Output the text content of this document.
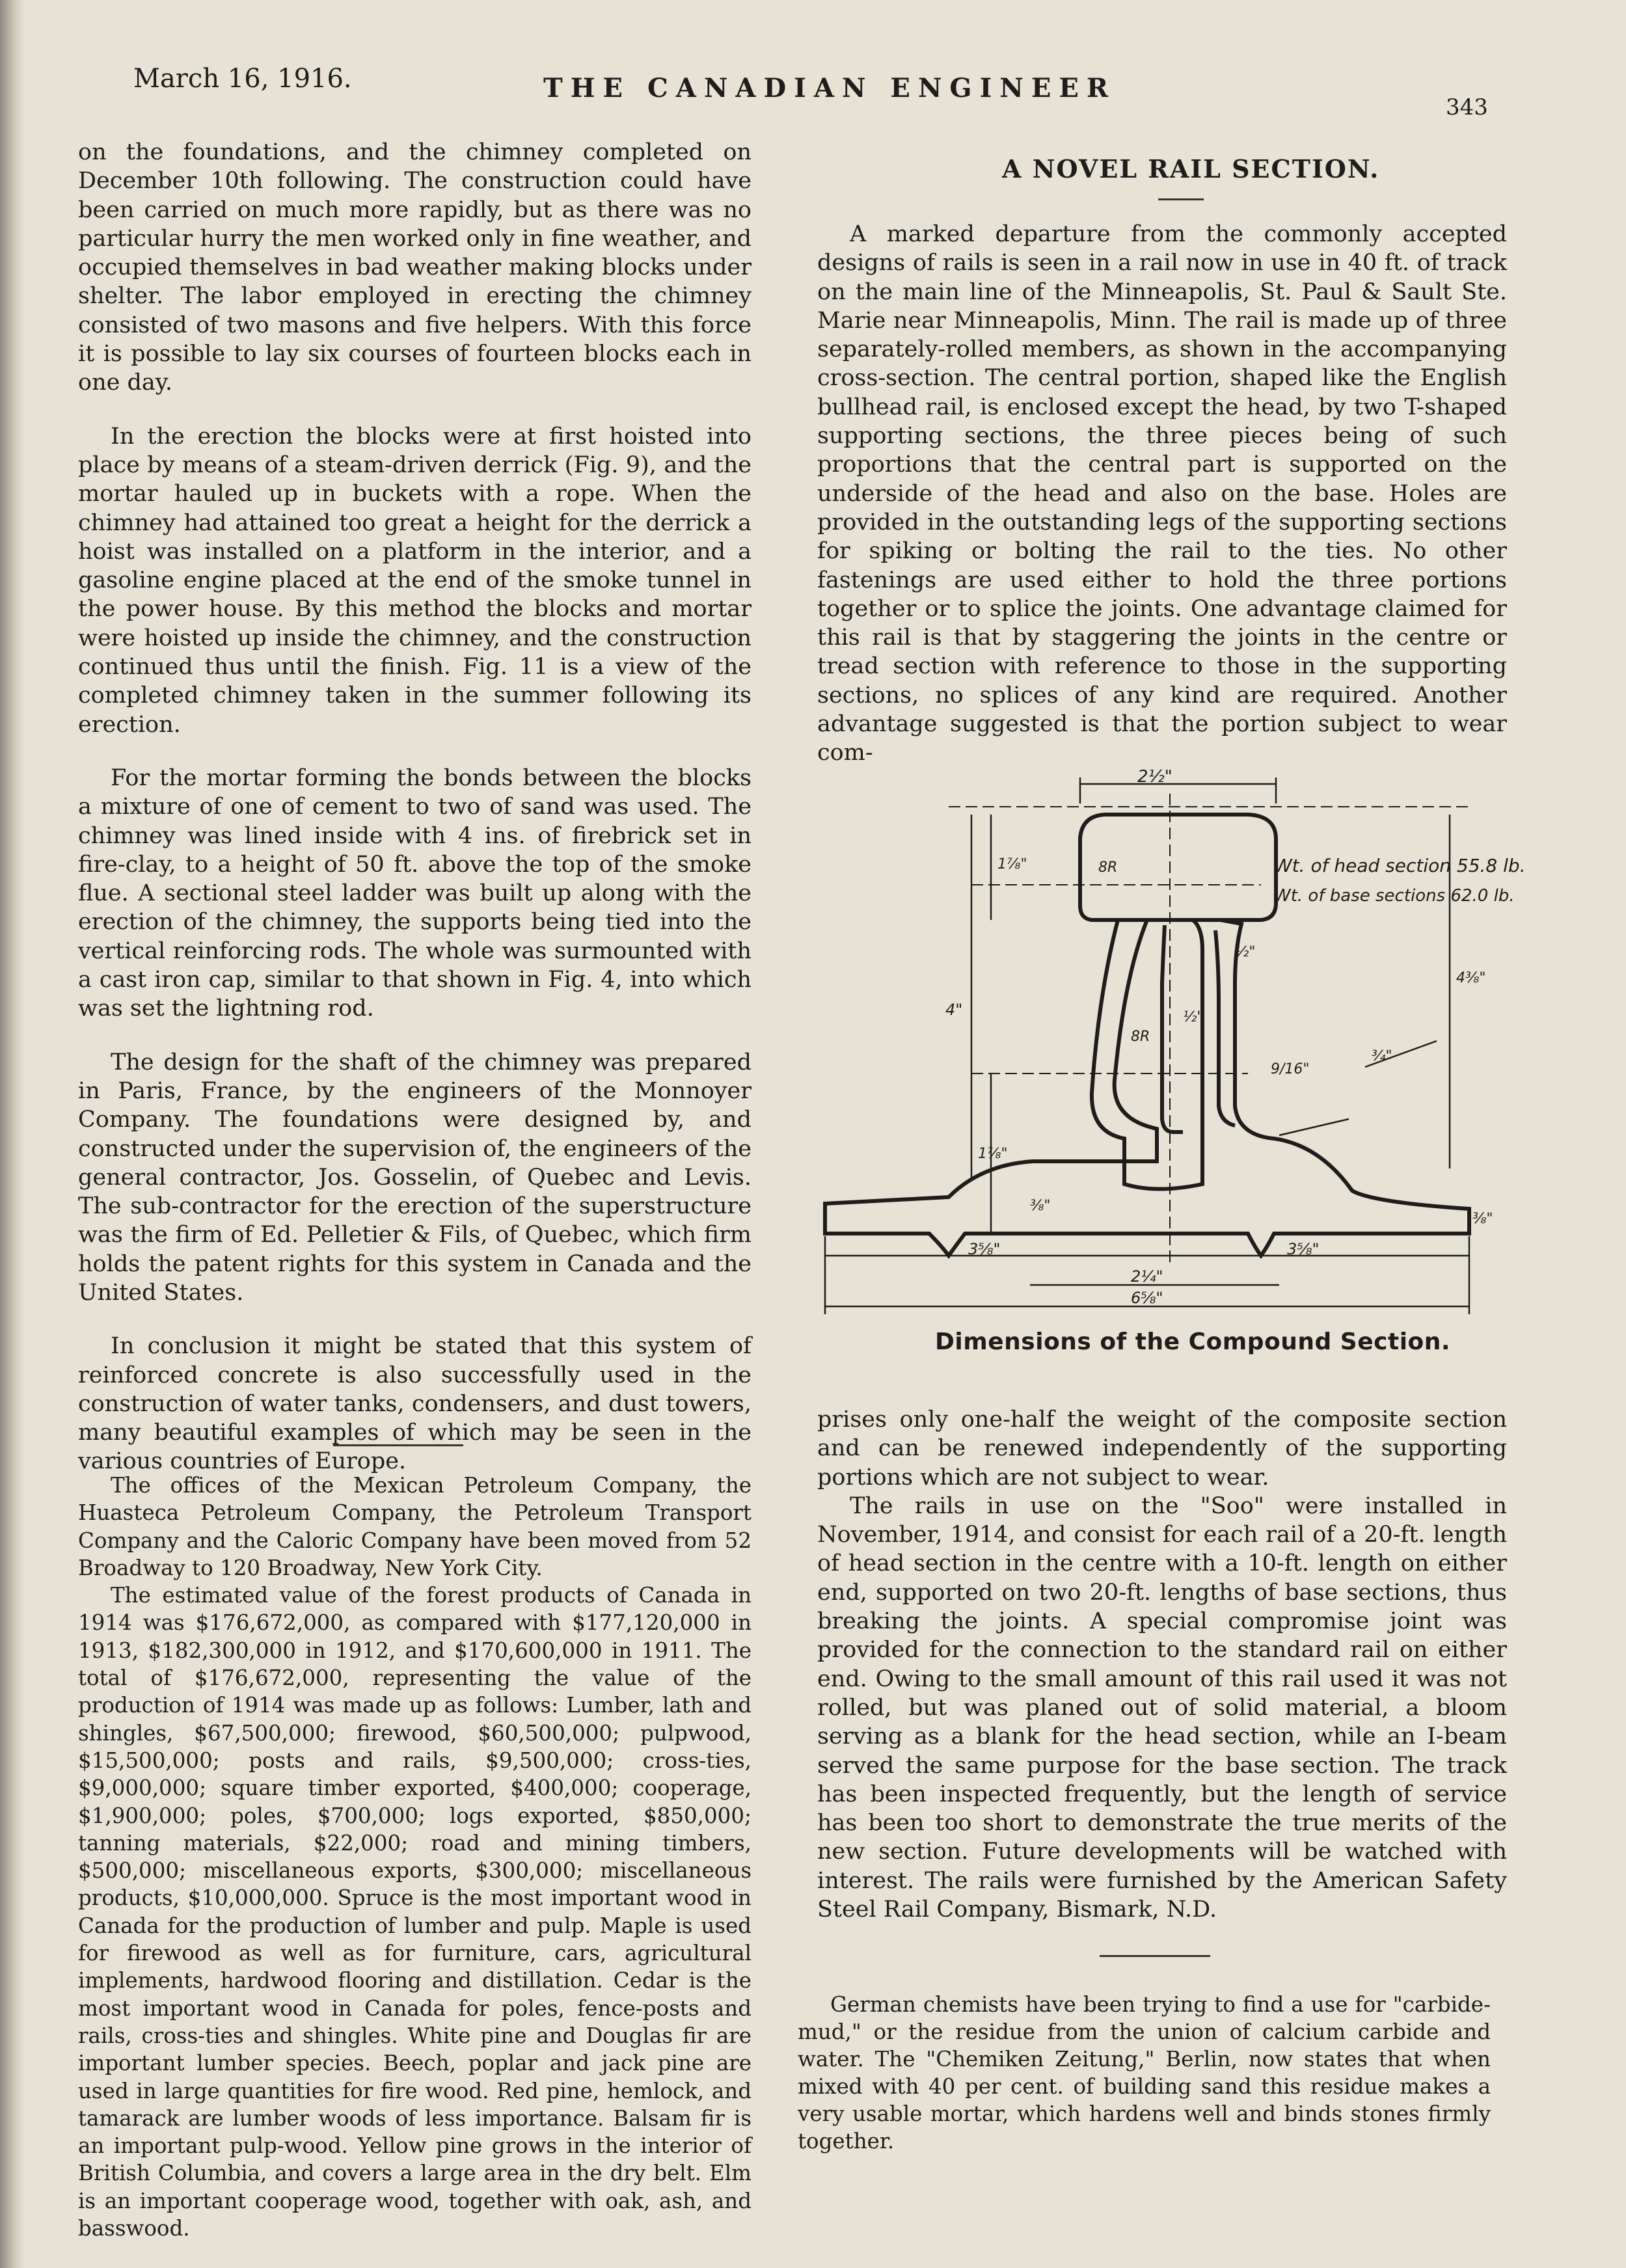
March 16, 1916.	THE CANADIAN ENGINEER
343

on the foundations, and the chimney completed on December 10th following. The construction could have been carried on much more rapidly, but as there was no particular hurry the men worked only in fine weather, and occupied themselves in bad weather making blocks under shelter. The labor employed in erecting the chimney consisted of two masons and five helpers. With this force it is possible to lay six courses of fourteen blocks each in one day.

In the erection the blocks were at first hoisted into place by means of a steam-driven derrick (Fig. 9), and the mortar hauled up in buckets with a rope. When the chimney had attained too great a height for the derrick a hoist was installed on a platform in the interior, and a gasoline engine placed at the end of the smoke tunnel in the power house. By this method the blocks and mortar were hoisted up inside the chimney, and the construction continued thus until the finish. Fig. 11 is a view of the completed chimney taken in the summer following its erection.

For the mortar forming the bonds between the blocks a mixture of one of cement to two of sand was used. The chimney was lined inside with 4 ins. of firebrick set in fire-clay, to a height of 50 ft. above the top of the smoke flue. A sectional steel ladder was built up along with the erection of the chimney, the supports being tied into the vertical reinforcing rods. The whole was surmounted with a cast iron cap, similar to that shown in Fig. 4, into which was set the lightning rod.

The design for the shaft of the chimney was prepared in Paris, France, by the engineers of the Monnoyer Company. The foundations were designed by, and constructed under the supervision of, the engineers of the general contractor, Jos. Gosselin, of Quebec and Levis. The sub-contractor for the erection of the superstructure was the firm of Ed. Pelletier & Fils, of Quebec, which firm holds the patent rights for this system in Canada and the United States.

In conclusion it might be stated that this system of reinforced concrete is also successfully used in the construction of water tanks, condensers, and dust towers, many beautiful examples of which may be seen in the various countries of Europe.

The offices of the Mexican Petroleum Company, the Huasteca Petroleum Company, the Petroleum Transport Company and the Caloric Company have been moved from 52 Broadway to 120 Broadway, New York City.

The estimated value of the forest products of Canada in 1914 was $176,672,000, as compared with $177,120,000 in 1913, $182,300,000 in 1912, and $170,600,000 in 1911. The total of $176,672,000, representing the value of the production of 1914 was made up as follows: Lumber, lath and shingles, $67,500,000; firewood, $60,500,000; pulpwood, $15,500,000; posts and rails, $9,500,000; cross-ties, $9,000,000; square timber exported, $400,000; cooperage, $1,900,000; poles, $700,000; logs exported, $850,000; tanning materials, $22,000; road and mining timbers, $500,000; miscellaneous exports, $300,000; miscellaneous products, $10,000,000. Spruce is the most important wood in Canada for the production of lumber and pulp. Maple is used for firewood as well as for furniture, cars, agricultural implements, hardwood flooring and distillation. Cedar is the most important wood in Canada for poles, fence-posts and rails, cross-ties and shingles. White pine and Douglas fir are important lumber species. Beech, poplar and jack pine are used in large quantities for fire wood. Red pine, hemlock, and tamarack are lumber woods of less importance. Balsam fir is an important pulp-wood. Yellow pine grows in the interior of British Columbia, and covers a large area in the dry belt. Elm is an important cooperage wood, together with oak, ash, and basswood.

A NOVEL RAIL SECTION.

A marked departure from the commonly accepted designs of rails is seen in a rail now in use in 40 ft. of track on the main line of the Minneapolis, St. Paul & Sault Ste. Marie near Minneapolis, Minn. The rail is made up of three separately-rolled members, as shown in the accompanying cross-section. The central portion, shaped like the English bullhead rail, is enclosed except the head, by two T-shaped supporting sections, the three pieces being of such proportions that the central part is supported on the underside of the head and also on the base. Holes are provided in the outstanding legs of the supporting sections for spiking or bolting the rail to the ties. No other fastenings are used either to hold the three portions together or to splice the joints. One advantage claimed for this rail is that by staggering the joints in the centre or tread section with reference to those in the supporting sections, no splices of any kind are required. Another advantage suggested is that the portion subject to wear com-

Wt. of head section 55.8 lb.
Wt. of base sections 62.0 lb.
2½"
1⅞"	8R
½"
4"
1⅞"
8R
½"
9/16"
¾"
4⅜"
⅜"
⅜"
3⅝"	3⅝"
2¼"
6⅝"
Dimensions of the Compound Section.

prises only one-half the weight of the composite section and can be renewed independently of the supporting portions which are not subject to wear.

The rails in use on the "Soo" were installed in November, 1914, and consist for each rail of a 20-ft. length of head section in the centre with a 10-ft. length on either end, supported on two 20-ft. lengths of base sections, thus breaking the joints. A special compromise joint was provided for the connection to the standard rail on either end. Owing to the small amount of this rail used it was not rolled, but was planed out of solid material, a bloom serving as a blank for the head section, while an I-beam served the same purpose for the base section. The track has been inspected frequently, but the length of service has been too short to demonstrate the true merits of the new section. Future developments will be watched with interest. The rails were furnished by the American Safety Steel Rail Company, Bismark, N.D.

German chemists have been trying to find a use for "carbide-mud," or the residue from the union of calcium carbide and water. The "Chemiken Zeitung," Berlin, now states that when mixed with 40 per cent. of building sand this residue makes a very usable mortar, which hardens well and binds stones firmly together.
